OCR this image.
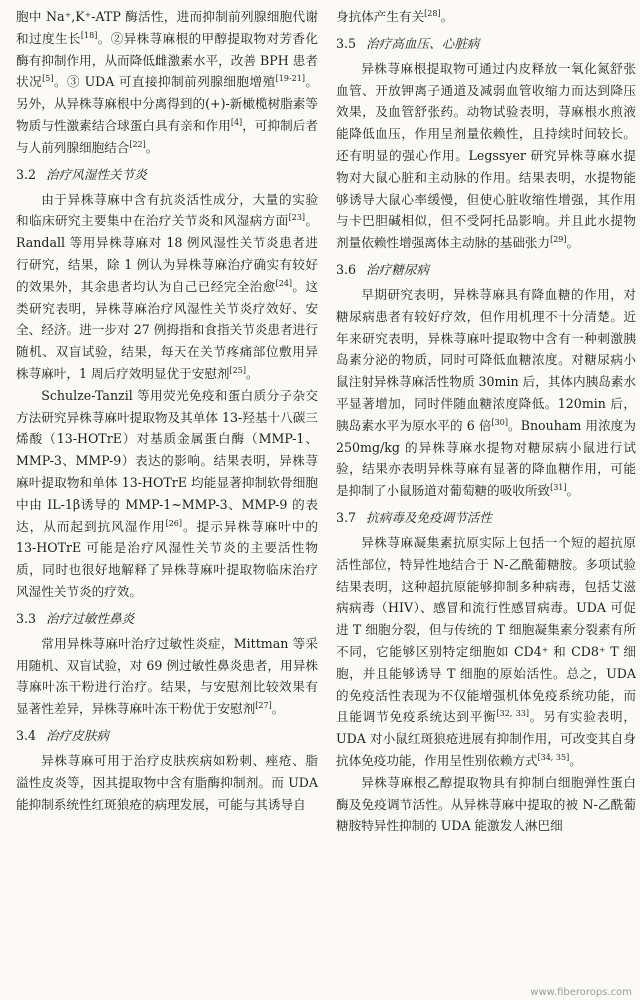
胞中 Na⁺,K⁺-ATP 酶活性，进而抑制前列腺细胞代谢和过度生长[18]。②异株荨麻根的甲醇提取物对芳香化酶有抑制作用，从而降低雌激素水平，改善 BPH 患者状况[5]。③ UDA 可直接抑制前列腺细胞增殖[19-21]。另外，从异株荨麻根中分离得到的(+)-新橄榄树脂素等物质与性激素结合球蛋白具有亲和作用[4]，可抑制后者与人前列腺细胞结合[22]。

3.2 治疗风湿性关节炎

由于异株荨麻中含有抗炎活性成分，大量的实验和临床研究主要集中在治疗关节炎和风湿病方面[23]。Randall 等用异株荨麻对 18 例风湿性关节炎患者进行研究，结果，除 1 例认为异株荨麻治疗确实有较好的效果外，其余患者均认为自己已经完全治愈[24]。这类研究表明，异株荨麻治疗风湿性关节炎疗效好、安全、经济。进一步对 27 例拇指和食指关节炎患者进行随机、双盲试验，结果，每天在关节疼痛部位敷用异株荨麻叶，1 周后疗效明显优于安慰剂[25]。

Schulze-Tanzil 等用荧光免疫和蛋白质分子杂交方法研究异株荨麻叶提取物及其单体 13-羟基十八碳三烯酸（13-HOTrE）对基质金属蛋白酶（MMP-1、MMP-3、MMP-9）表达的影响。结果表明，异株荨麻叶提取物和单体 13-HOTrE 均能显著抑制软骨细胞中由 IL-1β诱导的 MMP-1~MMP-3、MMP-9 的表达，从而起到抗风湿作用[26]。提示异株荨麻叶中的 13-HOTrE 可能是治疗风湿性关节炎的主要活性物质，同时也很好地解释了异株荨麻叶提取物临床治疗风湿性关节炎的疗效。

3.3 治疗过敏性鼻炎

常用异株荨麻叶治疗过敏性炎症，Mittman 等采用随机、双盲试验，对 69 例过敏性鼻炎患者，用异株荨麻叶冻干粉进行治疗。结果，与安慰剂比较效果有显著性差异，异株荨麻叶冻干粉优于安慰剂[27]。

3.4 治疗皮肤病

异株荨麻可用于治疗皮肤疾病如粉刺、痤疮、脂溢性皮炎等，因其提取物中含有脂酶抑制剂。而 UDA 能抑制系统性红斑狼疮的病理发展，可能与其诱导自

身抗体产生有关[28]。

3.5 治疗高血压、心脏病

异株荨麻根提取物可通过内皮释放一氧化氮舒张血管、开放钾离子通道及减弱血管收缩力而达到降压效果，及血管舒张药。动物试验表明，荨麻根水煎液能降低血压，作用呈剂量依赖性，且持续时间较长。还有明显的强心作用。Legssyer 研究异株荨麻水提物对大鼠心脏和主动脉的作用。结果表明，水提物能够诱导大鼠心率缓慢，但使心脏收缩性增强，其作用与卡巴胆碱相似，但不受阿托品影响。并且此水提物剂量依赖性增强离体主动脉的基础张力[29]。

3.6 治疗糖尿病

早期研究表明，异株荨麻具有降血糖的作用，对糖尿病患者有较好疗效，但作用机理不十分清楚。近年来研究表明，异株荨麻叶提取物中含有一种刺激胰岛素分泌的物质，同时可降低血糖浓度。对糖尿病小鼠注射异株荨麻活性物质 30min 后，其体内胰岛素水平显著增加，同时伴随血糖浓度降低。120min 后，胰岛素水平为原水平的 6 倍[30]。Bnouham 用浓度为 250mg/kg 的异株荨麻水提物对糖尿病小鼠进行试验，结果亦表明异株荨麻有显著的降血糖作用，可能是抑制了小鼠肠道对葡萄糖的吸收所致[31]。

3.7 抗病毒及免疫调节活性

异株荨麻凝集素抗原实际上包括一个短的超抗原活性部位，特异性地结合于 N-乙酰葡糖胺。多项试验结果表明，这种超抗原能够抑制多种病毒，包括艾滋病病毒（HIV）、感冒和流行性感冒病毒。UDA 可促进 T 细胞分裂，但与传统的 T 细胞凝集素分裂素有所不同，它能够区别特定细胞如 CD4⁺ 和 CD8⁺ T 细胞，并且能够诱导 T 细胞的原始活性。总之，UDA 的免疫活性表现为不仅能增强机体免疫系统功能，而且能调节免疫系统达到平衡[32, 33]。另有实验表明，UDA 对小鼠红斑狼疮进展有抑制作用，可改变其自身抗体免疫功能，作用呈性别依赖方式[34, 35]。

异株荨麻根乙醇提取物具有抑制白细胞弹性蛋白酶及免疫调节活性。从异株荨麻中提取的被 N-乙酰葡糖胺特异性抑制的 UDA 能激发人淋巴细

www.fiberorops.com
